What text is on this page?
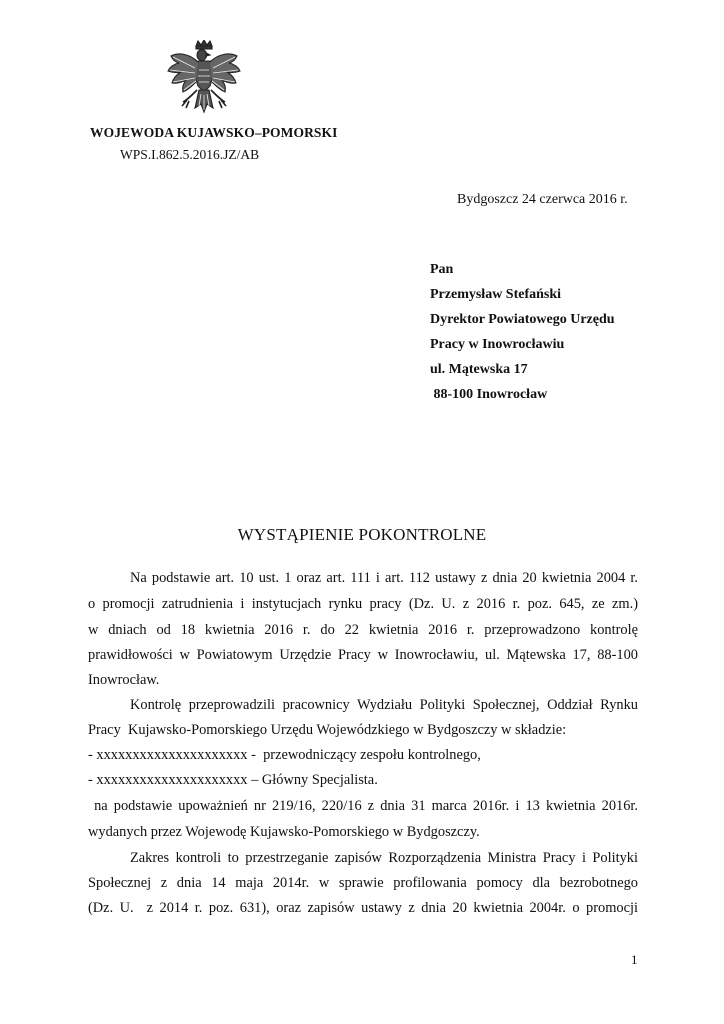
WOJEWODA KUJAWSKO–POMORSKI
WPS.I.862.5.2016.JZ/AB
Bydgoszcz 24 czerwca 2016 r.
Pan
Przemysław Stefański
Dyrektor Powiatowego Urzędu
Pracy w Inowrocławiu
ul. Mątewska 17
88-100 Inowrocław
WYSTĄPIENIE POKONTROLNE
Na podstawie art. 10 ust. 1 oraz art. 111 i art. 112 ustawy z dnia 20 kwietnia 2004 r.
o promocji zatrudnienia i instytucjach rynku pracy (Dz. U. z 2016 r. poz. 645, ze zm.)
w dniach od 18 kwietnia 2016 r. do 22 kwietnia 2016 r. przeprowadzono kontrolę
prawidłowości w Powiatowym Urzędzie Pracy w Inowrocławiu, ul. Mątewska 17, 88-100
Inowrocław.
Kontrolę przeprowadzili pracownicy Wydziału Polityki Społecznej, Oddział Rynku
Pracy  Kujawsko-Pomorskiego Urzędu Wojewódzkiego w Bydgoszczy w składzie:
- xxxxxxxxxxxxxxxxxxxxx -  przewodniczący zespołu kontrolnego,
- xxxxxxxxxxxxxxxxxxxxx – Główny Specjalista.
na podstawie upoważnień nr 219/16, 220/16 z dnia 31 marca 2016r. i 13 kwietnia 2016r.
wydanych przez Wojewodę Kujawsko-Pomorskiego w Bydgoszczy.
Zakres kontroli to przestrzeganie zapisów Rozporządzenia Ministra Pracy i Polityki
Społecznej z dnia 14 maja 2014r. w sprawie profilowania pomocy dla bezrobotnego
(Dz. U.  z 2014 r. poz. 631), oraz zapisów ustawy z dnia 20 kwietnia 2004r. o promocji
1
